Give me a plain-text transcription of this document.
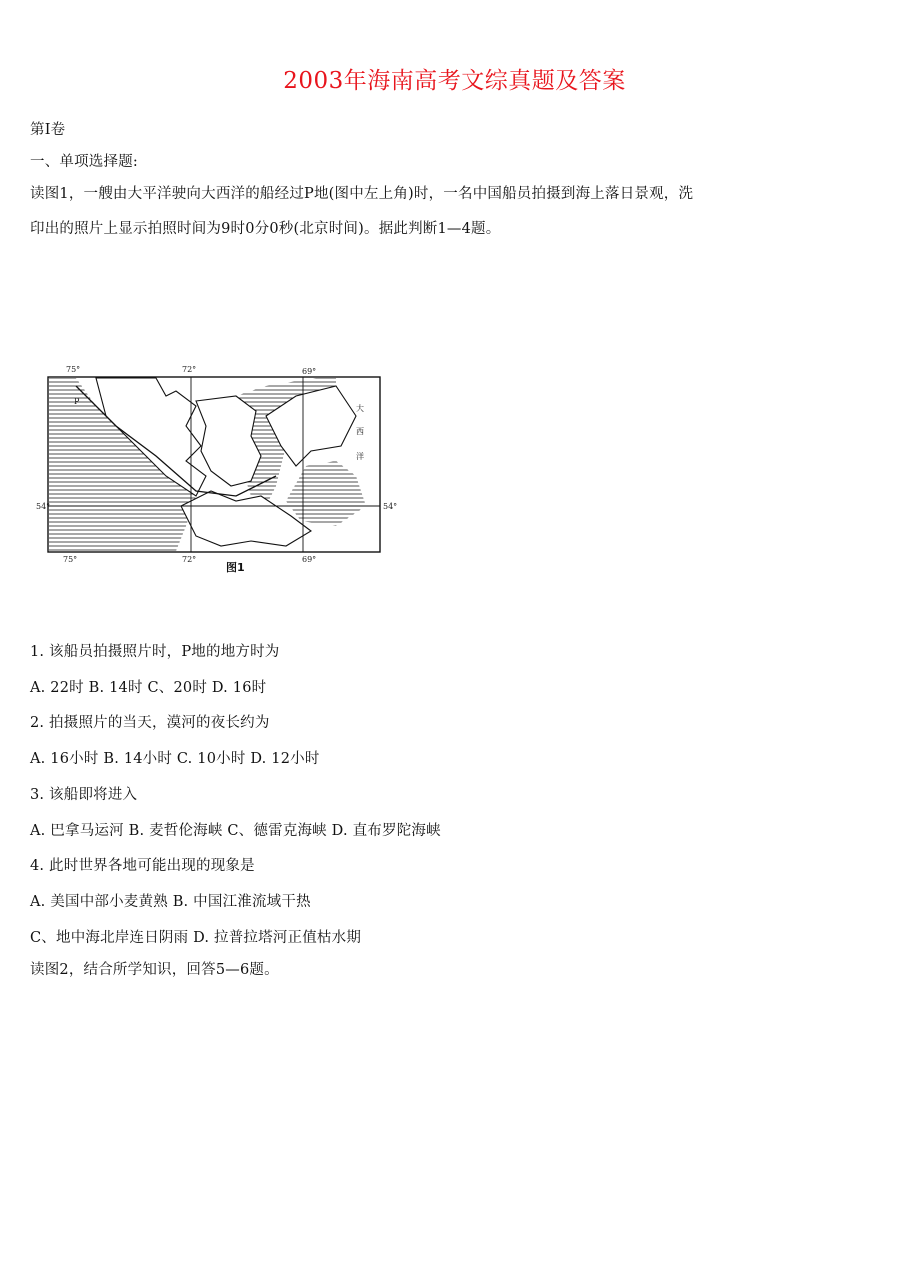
2003年海南高考文综真题及答案
第Ⅰ卷
一、单项选择题:
读图1，一艘由大平洋驶向大西洋的船经过P地(图中左上角)时，一名中国船员拍摄到海上落日景观，洗
印出的照片上显示拍照时间为9时0分0秒(北京时间)。据此判断1—4题。
75°	72°	69°
75°	72°	69°
54°	54°
P
大
西
洋
图1
1. 该船员拍摄照片时，P地的地方时为
A. 22时 B. 14时 C、20时 D. 16时
2. 拍摄照片的当天，漠河的夜长约为
A. 16小时 B. 14小时 C. 10小时 D. 12小时
3. 该船即将进入
A. 巴拿马运河 B. 麦哲伦海峡 C、德雷克海峡 D. 直布罗陀海峡
4. 此时世界各地可能出现的现象是
A. 美国中部小麦黄熟 B. 中国江淮流域干热
C、地中海北岸连日阴雨 D. 拉普拉塔河正值枯水期
读图2，结合所学知识，回答5—6题。
